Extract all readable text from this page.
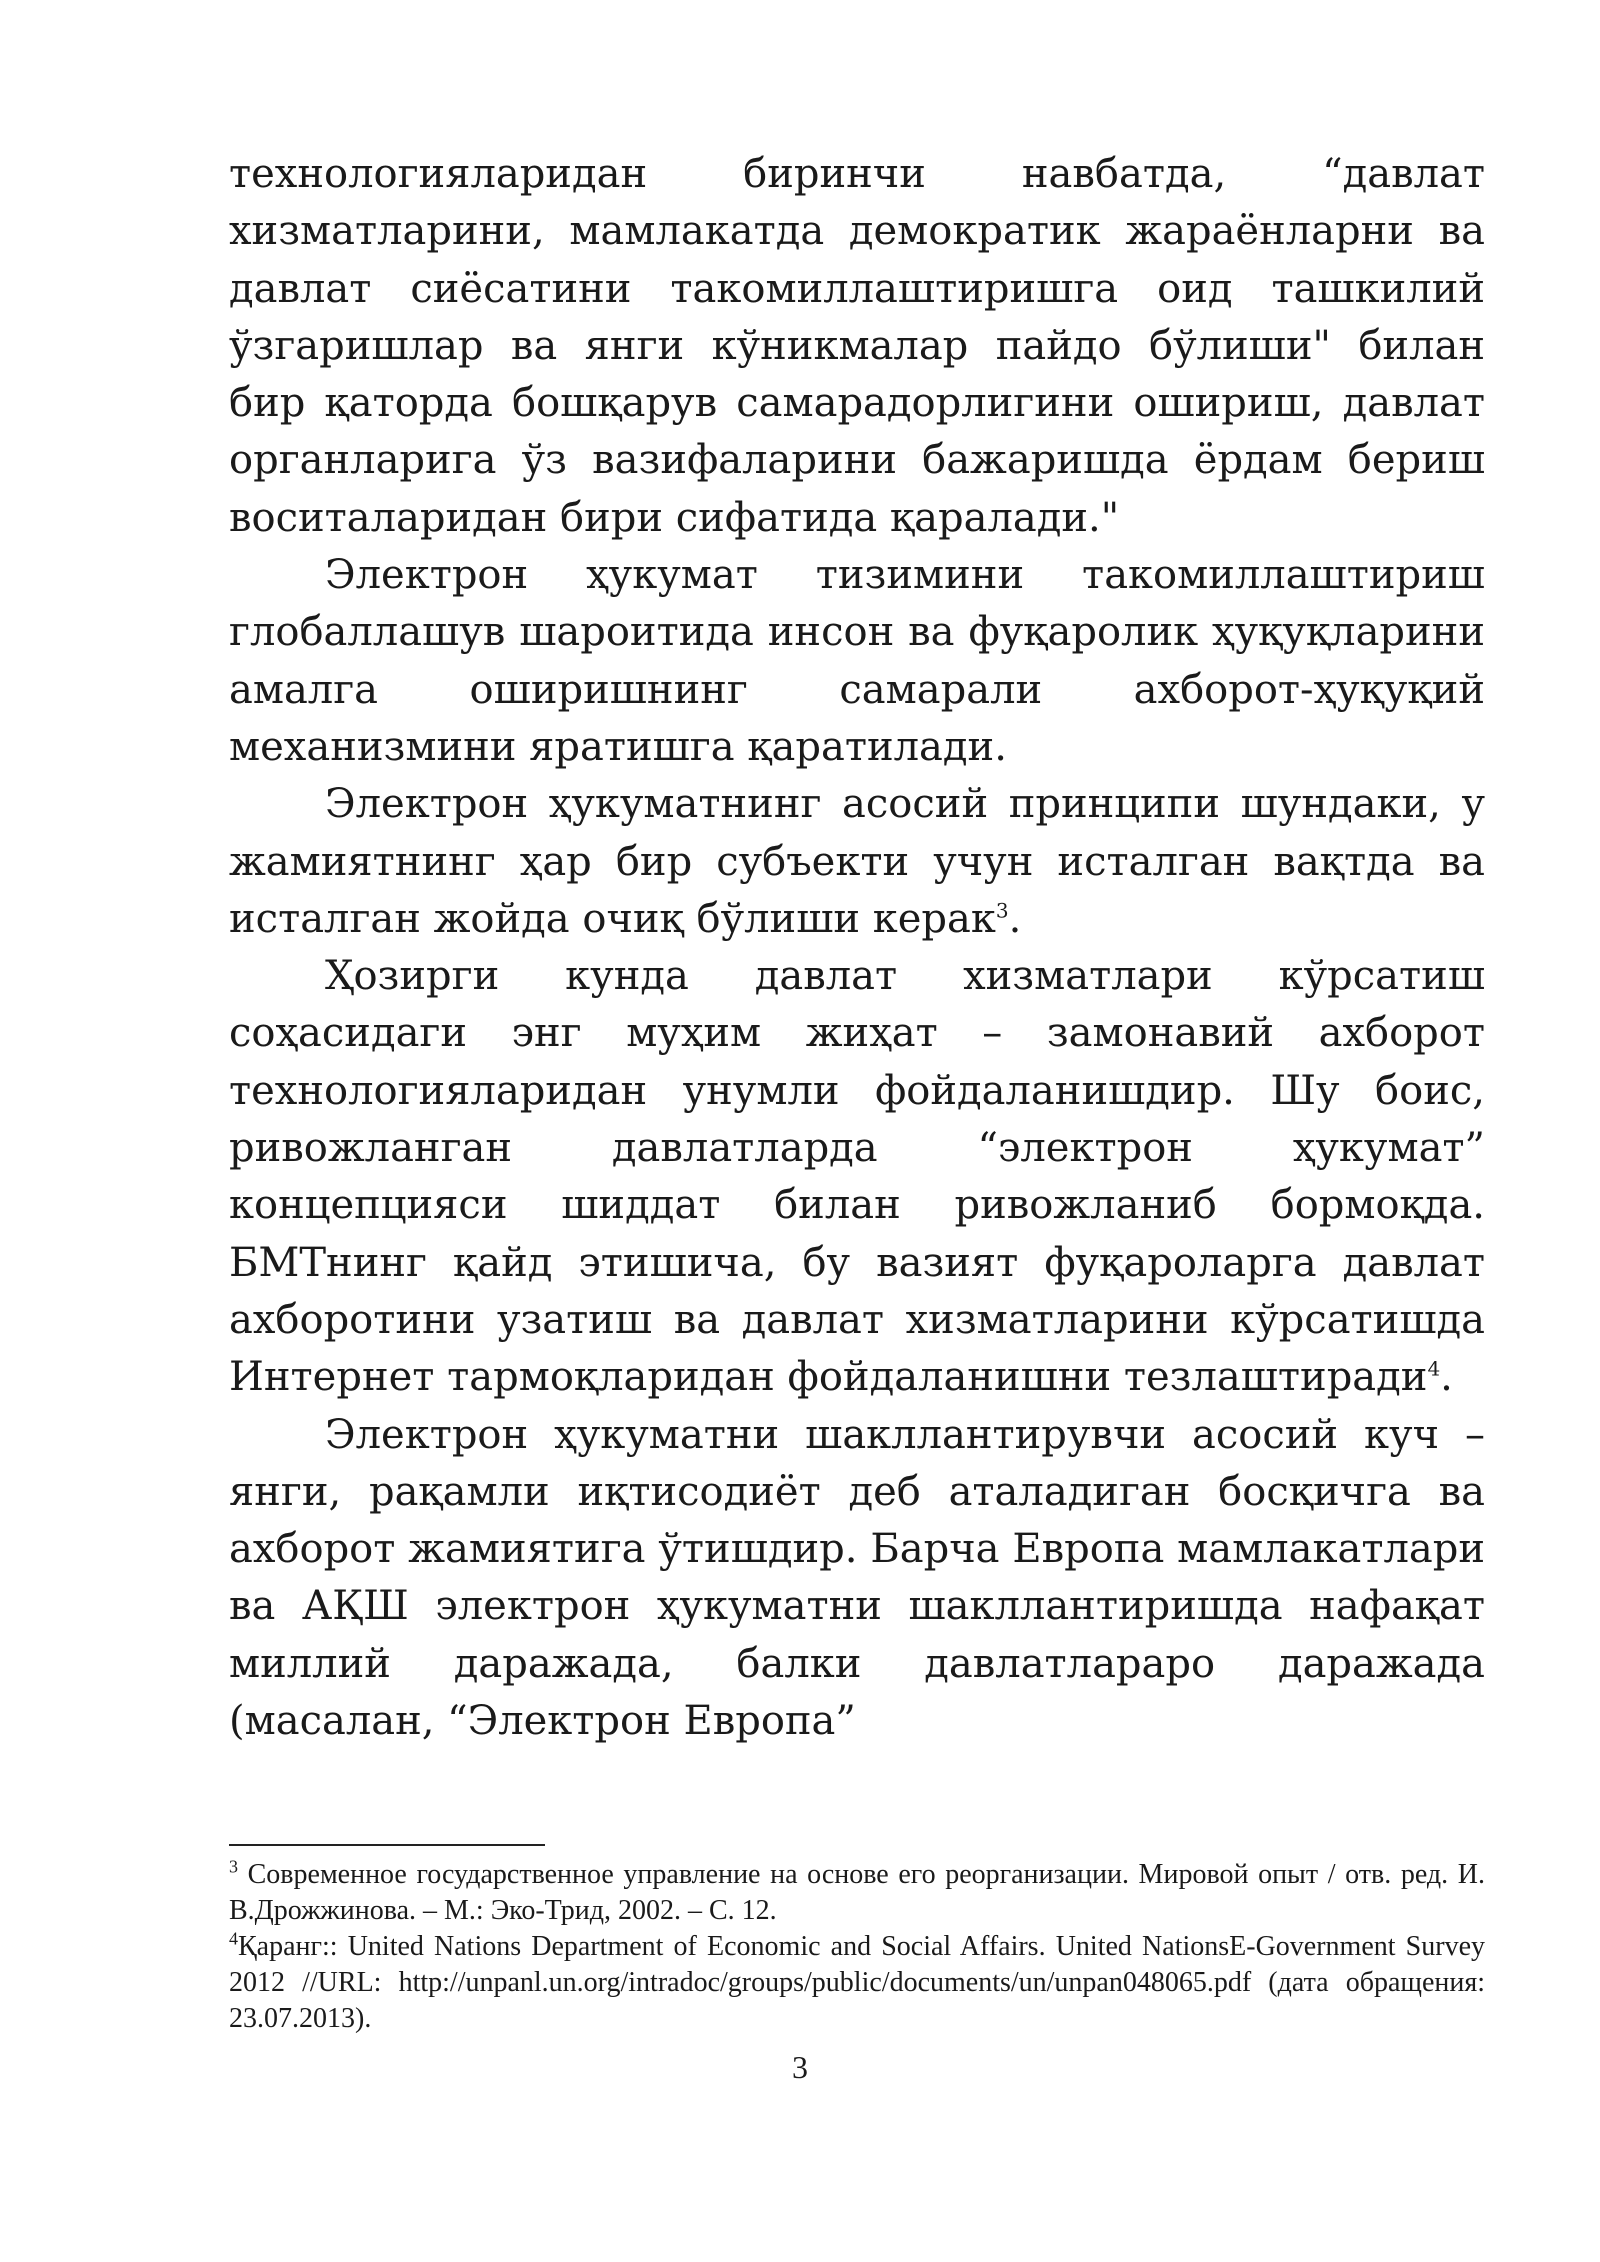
технологияларидан биринчи навбатда, “давлат хизматларини, мамлакатда демократик жараёнларни ва давлат сиёсатини такомиллаштиришга оид ташкилий ўзгаришлар ва янги кўникмалар пайдо бўлиши" билан бир қаторда бошқарув самарадорлигини ошириш, давлат органларига ўз вазифаларини бажаришда ёрдам бериш воситаларидан бири сифатида қаралади."

Электрон ҳукумат тизимини такомиллаштириш глобаллашув шароитида инсон ва фуқаролик ҳуқуқларини амалга оширишнинг самарали ахборот-ҳуқуқий механизмини яратишга қаратилади.

Электрон ҳукуматнинг асосий принципи шундаки, у жамиятнинг ҳар бир субъекти учун исталган вақтда ва исталган жойда очиқ бўлиши керак$^3$.

Ҳозирги кунда давлат хизматлари кўрсатиш соҳасидаги энг муҳим жиҳат – замонавий ахборот технологияларидан унумли фойдаланишдир. Шу боис, ривожланган давлатларда “электрон ҳукумат” концепцияси шиддат билан ривожланиб бормоқда. БМТнинг қайд этишича, бу вазият фуқароларга давлат ахборотини узатиш ва давлат хизматларини кўрсатишда Интернет тармоқларидан фойдаланишни тезлаштиради$^4$.

Электрон ҳукуматни шакллантирувчи асосий куч – янги, рақамли иқтисодиёт деб аталадиган босқичга ва ахборот жамиятига ўтишдир. Барча Европа мамлакатлари ва АҚШ электрон ҳукуматни шакллантиришда нафақат миллий даражада, балки давлатлараро даражада (масалан, “Электрон Европа”

$^3$ Современное государственное управление на основе его реорганизации. Мировой опыт / отв. ред. И. В.Дрожжинова. – М.: Эко-Трид, 2002. – С. 12.

$^4$Қаранг:: United Nations Department of Economic and Social Affairs. United NationsE-Government Survey 2012 //URL: http://unpanl.un.org/intradoc/groups/public/documents/un/unpan048065.pdf (дата обращения: 23.07.2013).

3
